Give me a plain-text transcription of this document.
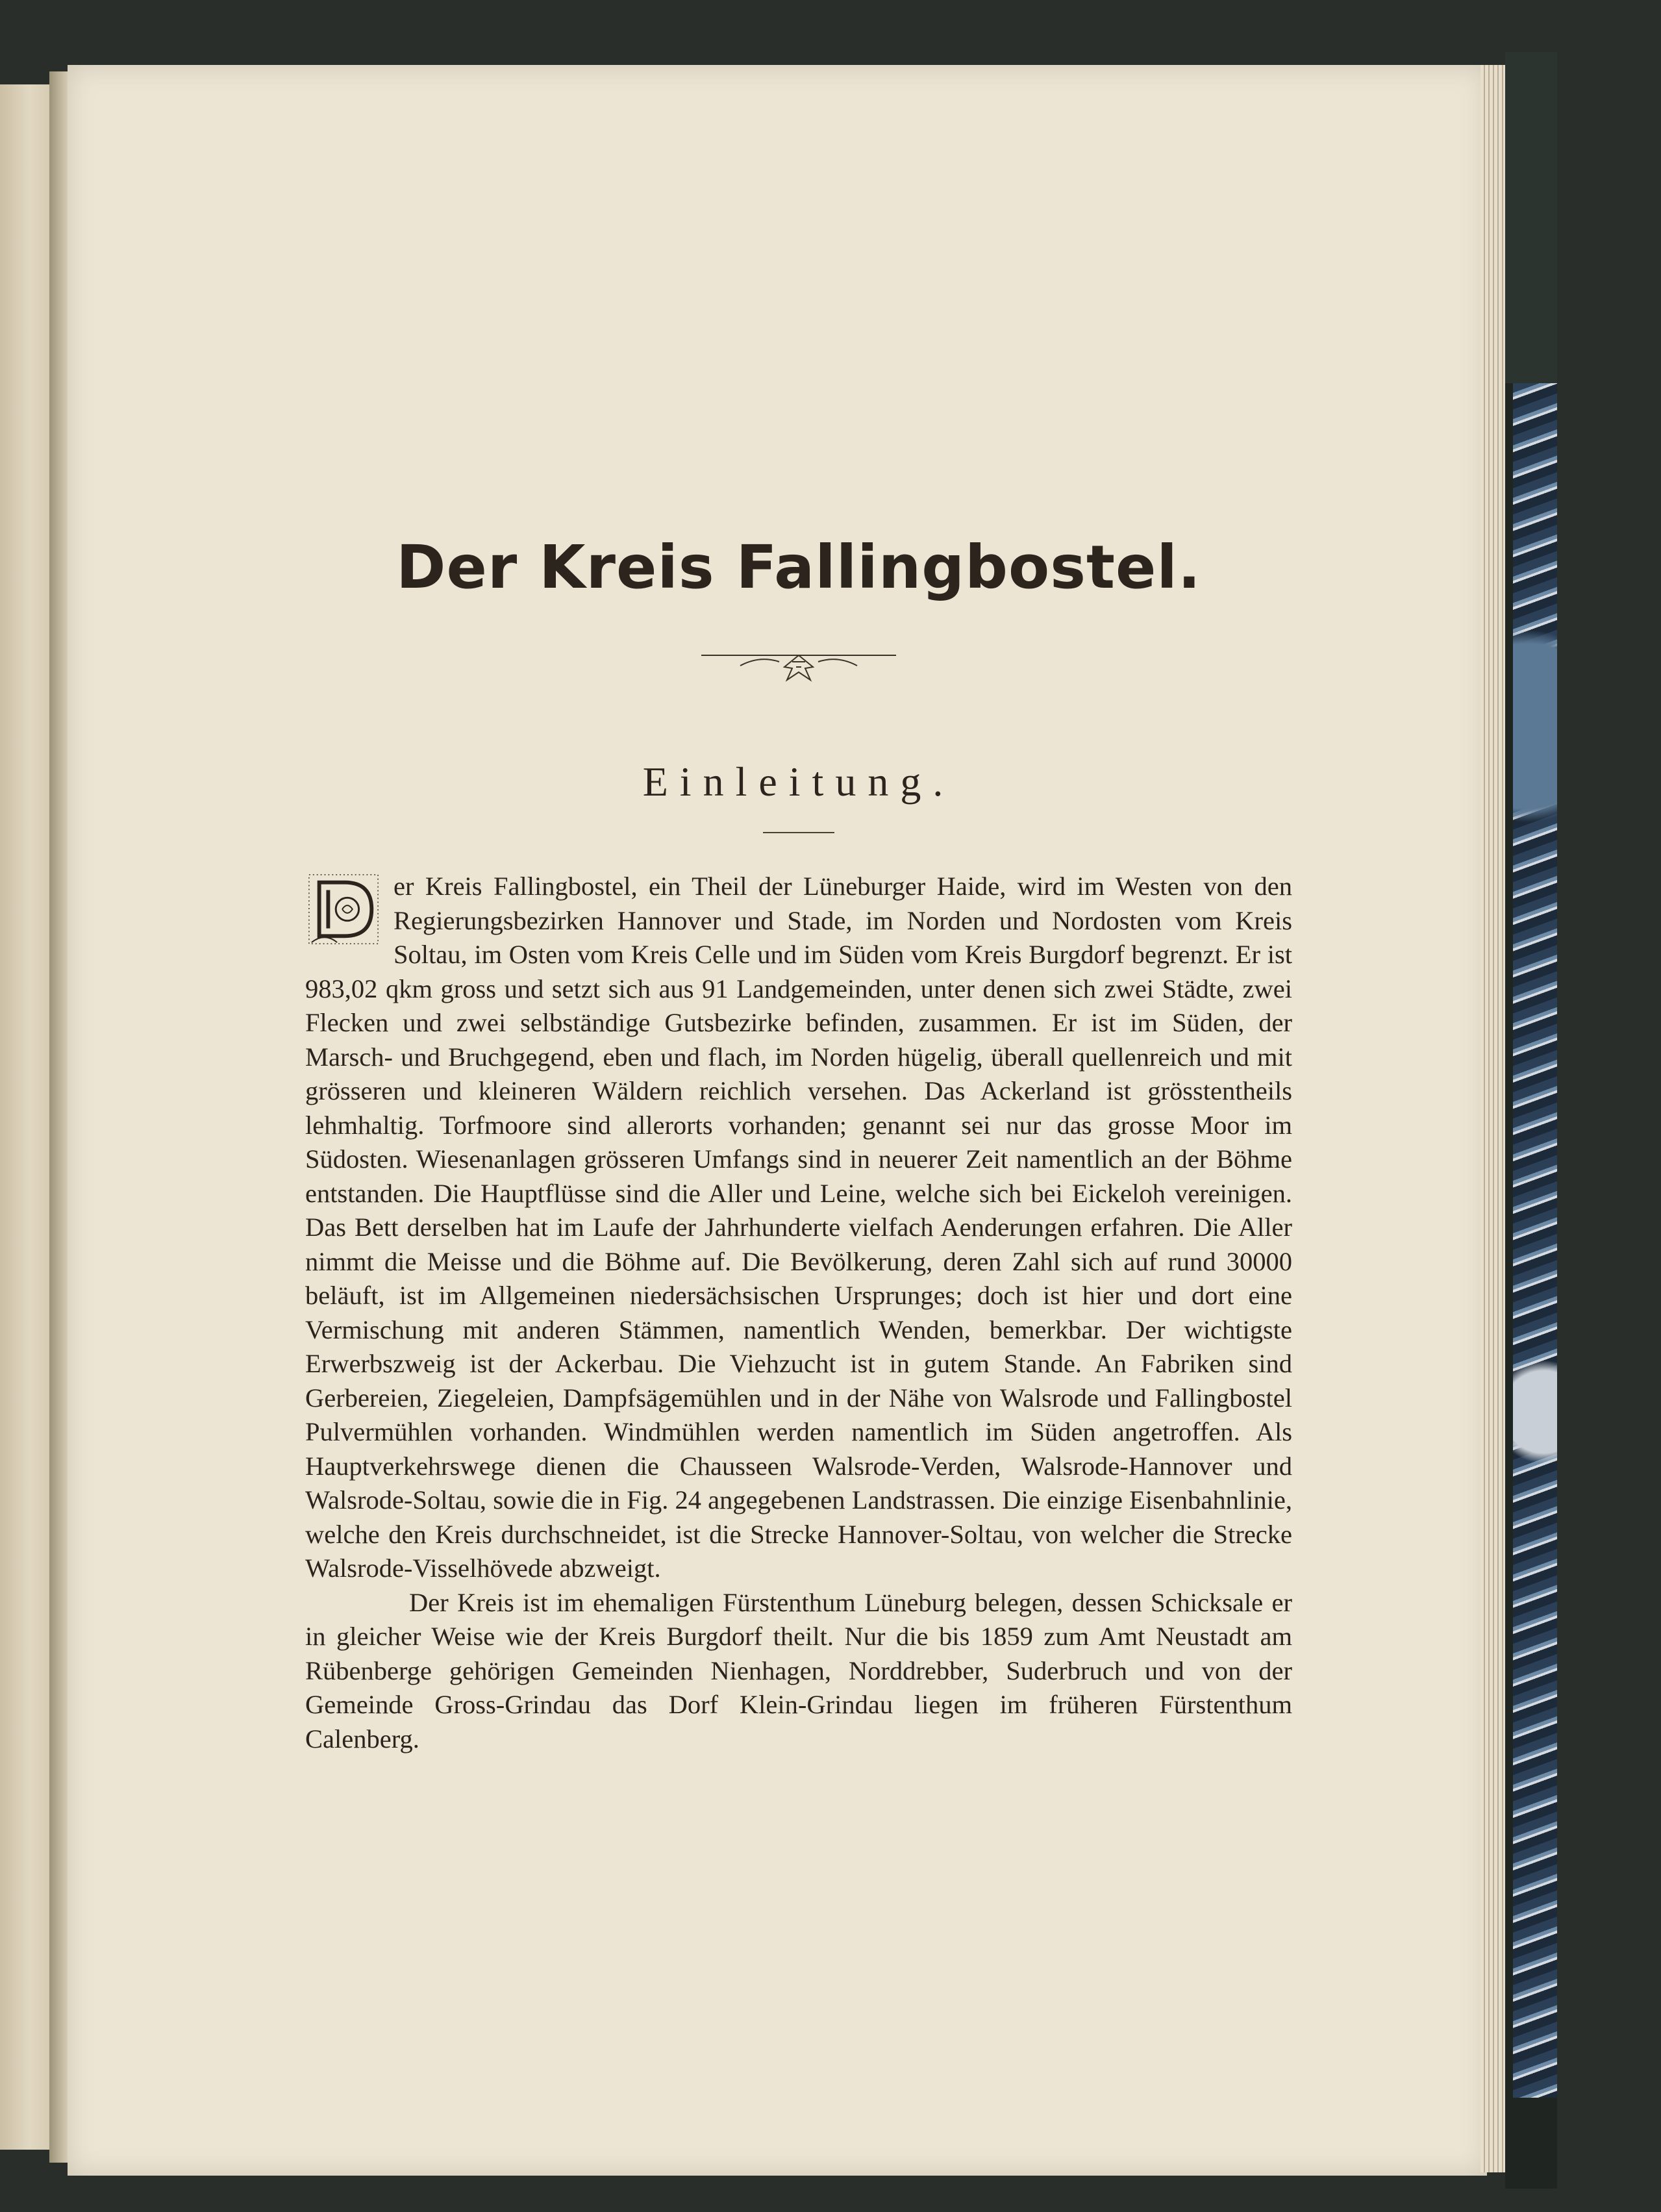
Der Kreis Fallingbostel.
Einleitung.

er Kreis Fallingbostel, ein Theil der Lüneburger Haide, wird im Westen von den Regierungsbezirken Hannover und Stade, im Norden und Nordosten vom Kreis Soltau, im Osten vom Kreis Celle und im Süden vom Kreis Burgdorf begrenzt. Er ist 983,02 qkm gross und setzt sich aus 91 Landgemeinden, unter denen sich zwei Städte, zwei Flecken und zwei selbständige Gutsbezirke befinden, zusammen. Er ist im Süden, der Marsch- und Bruchgegend, eben und flach, im Norden hügelig, überall quellenreich und mit grösseren und kleineren Wäldern reichlich versehen. Das Ackerland ist grösstentheils lehmhaltig. Torfmoore sind allerorts vorhanden; genannt sei nur das grosse Moor im Südosten. Wiesenanlagen grösseren Umfangs sind in neuerer Zeit namentlich an der Böhme entstanden. Die Hauptflüsse sind die Aller und Leine, welche sich bei Eickeloh vereinigen. Das Bett derselben hat im Laufe der Jahrhunderte vielfach Aenderungen erfahren. Die Aller nimmt die Meisse und die Böhme auf. Die Bevölkerung, deren Zahl sich auf rund 30000 beläuft, ist im Allgemeinen niedersächsischen Ursprunges; doch ist hier und dort eine Vermischung mit anderen Stämmen, namentlich Wenden, bemerkbar. Der wichtigste Erwerbszweig ist der Ackerbau. Die Viehzucht ist in gutem Stande. An Fabriken sind Gerbereien, Ziegeleien, Dampfsägemühlen und in der Nähe von Walsrode und Fallingbostel Pulvermühlen vorhanden. Windmühlen werden namentlich im Süden angetroffen. Als Hauptverkehrswege dienen die Chausseen Walsrode-Verden, Walsrode-Hannover und Walsrode-Soltau, sowie die in Fig. 24 angegebenen Landstrassen. Die einzige Eisenbahnlinie, welche den Kreis durchschneidet, ist die Strecke Hannover-Soltau, von welcher die Strecke Walsrode-Visselhövede abzweigt.

Der Kreis ist im ehemaligen Fürstenthum Lüneburg belegen, dessen Schicksale er in gleicher Weise wie der Kreis Burgdorf theilt. Nur die bis 1859 zum Amt Neustadt am Rübenberge gehörigen Gemeinden Nienhagen, Norddrebber, Suderbruch und von der Gemeinde Gross-Grindau das Dorf Klein-Grindau liegen im früheren Fürstenthum Calenberg.
